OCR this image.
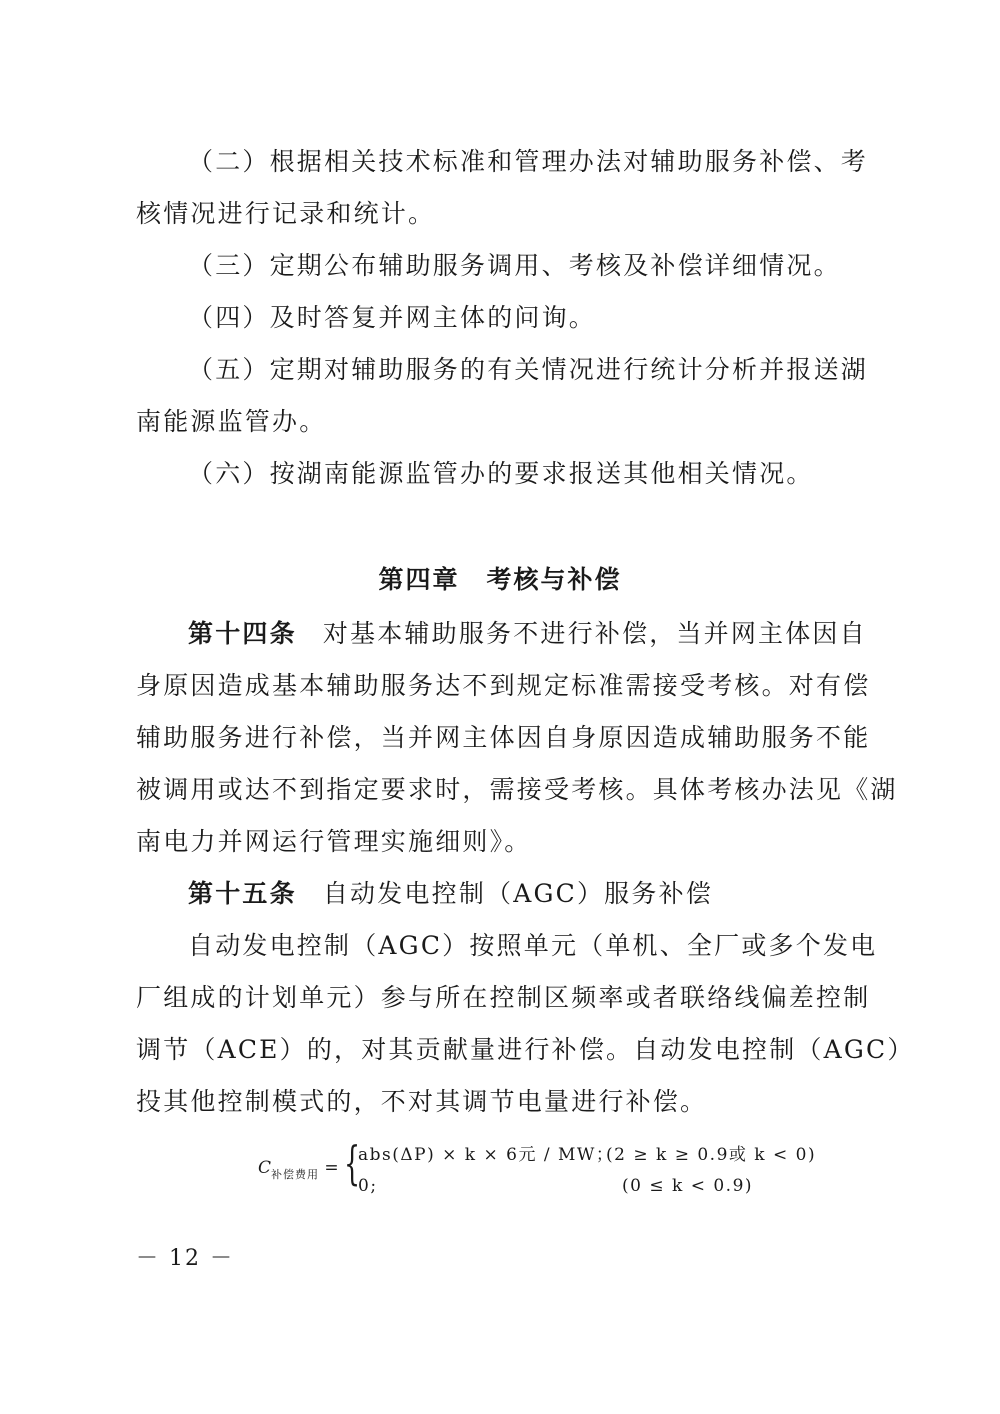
（二）根据相关技术标准和管理办法对辅助服务补偿、考
核情况进行记录和统计。
（三）定期公布辅助服务调用、考核及补偿详细情况。
（四）及时答复并网主体的问询。
（五）定期对辅助服务的有关情况进行统计分析并报送湖
南能源监管办。
（六）按湖南能源监管办的要求报送其他相关情况。
第四章　考核与补偿
第十四条 对基本辅助服务不进行补偿，当并网主体因自
身原因造成基本辅助服务达不到规定标准需接受考核。对有偿
辅助服务进行补偿，当并网主体因自身原因造成辅助服务不能
被调用或达不到指定要求时，需接受考核。具体考核办法见《湖
南电力并网运行管理实施细则》。
第十五条 自动发电控制（AGC）服务补偿
自动发电控制（AGC）按照单元（单机、全厂或多个发电
厂组成的计划单元）参与所在控制区频率或者联络线偏差控制
调节（ACE）的，对其贡献量进行补偿。自动发电控制（AGC）
投其他控制模式的，不对其调节电量进行补偿。
$C_{补偿费用}$ = {
abs(ΔP) × k × 6元 / MW；
(2 ≥ k ≥ 0.9或 k < 0)
0;	(0 ≤ k < 0.9)
－ 12 －
